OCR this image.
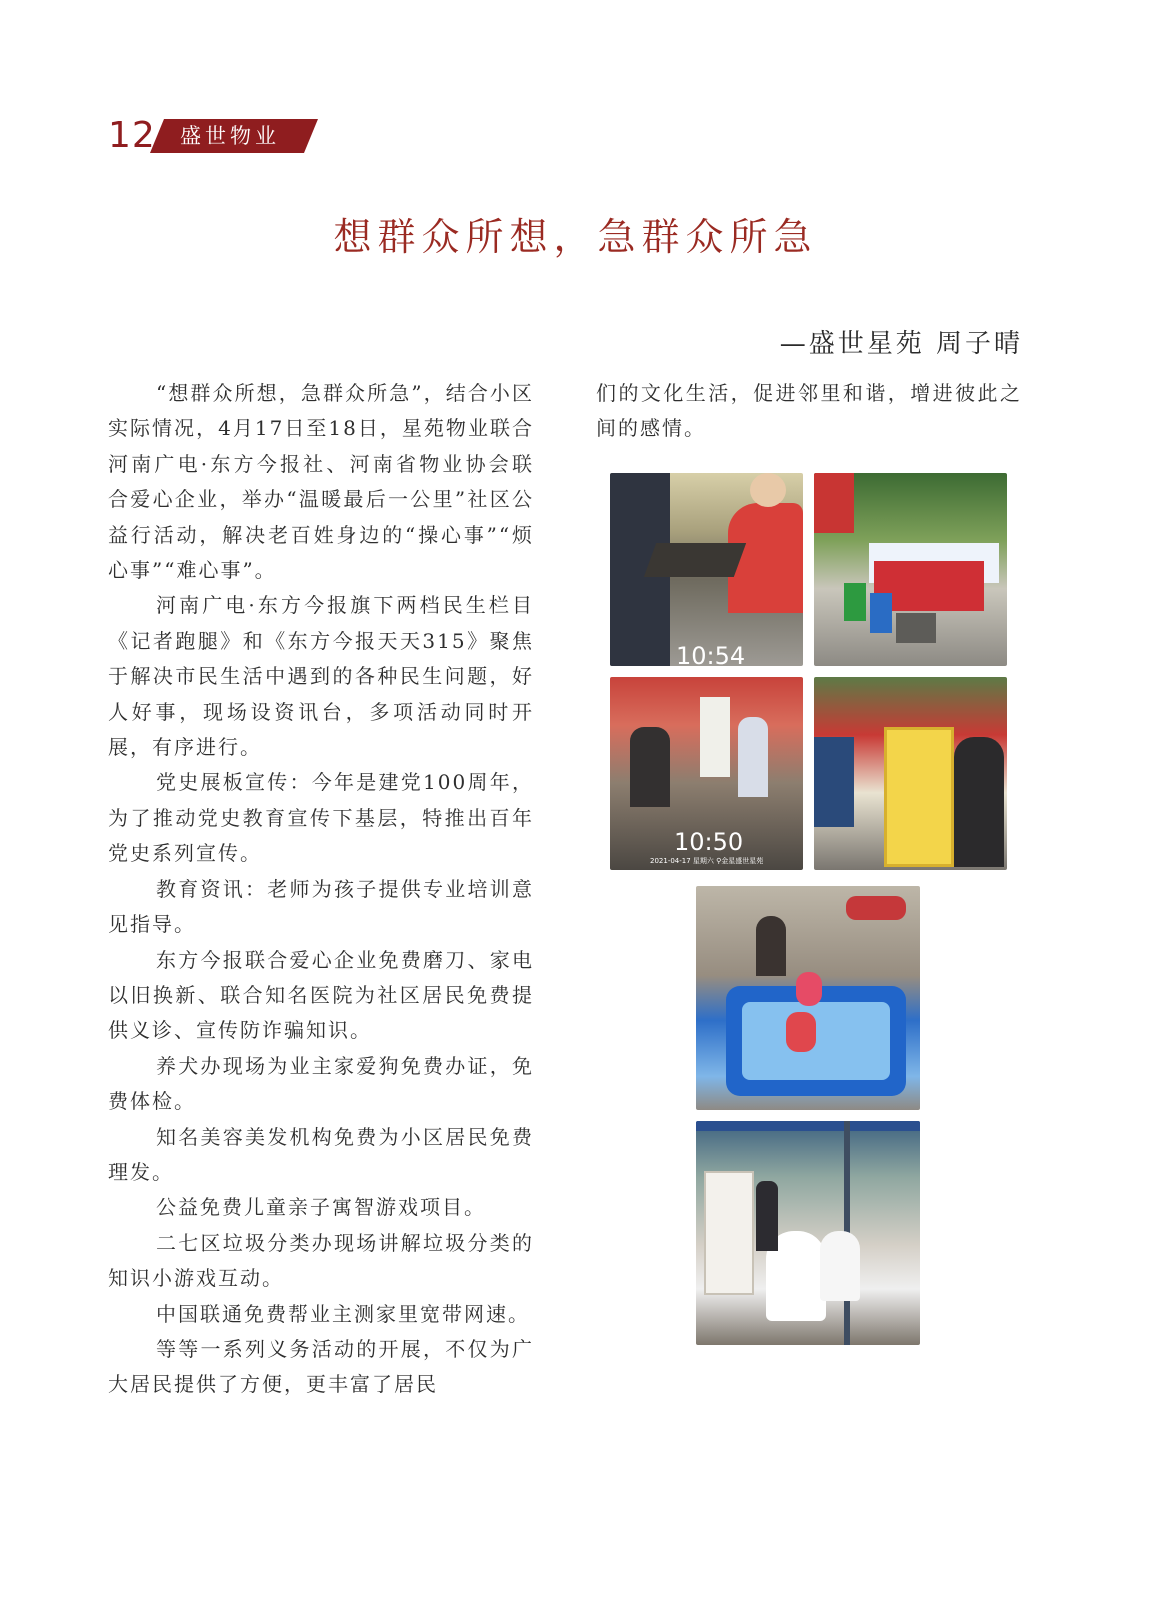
12 盛世物业
想群众所想，急群众所急
—盛世星苑 周子晴

“想群众所想，急群众所急”，结合小区实际情况，4月17日至18日，星苑物业联合河南广电·东方今报社、河南省物业协会联合爱心企业，举办“温暖最后一公里”社区公益行活动，解决老百姓身边的“操心事”“烦心事”“难心事”。

河南广电·东方今报旗下两档民生栏目《记者跑腿》和《东方今报天天315》聚焦于解决市民生活中遇到的各种民生问题，好人好事，现场设资讯台，多项活动同时开展，有序进行。

党史展板宣传：今年是建党100周年，为了推动党史教育宣传下基层，特推出百年党史系列宣传。

教育资讯：老师为孩子提供专业培训意见指导。

东方今报联合爱心企业免费磨刀、家电以旧换新、联合知名医院为社区居民免费提供义诊、宣传防诈骗知识。

养犬办现场为业主家爱狗免费办证，免费体检。

知名美容美发机构免费为小区居民免费理发。

公益免费儿童亲子寓智游戏项目。

二七区垃圾分类办现场讲解垃圾分类的知识小游戏互动。

中国联通免费帮业主测家里宽带网速。

等等一系列义务活动的开展，不仅为广大居民提供了方便，更丰富了居民

们的文化生活，促进邻里和谐，增进彼此之间的感情。

10:54
10:50
2021-04-17 星期六 ⚲金星盛世星苑
